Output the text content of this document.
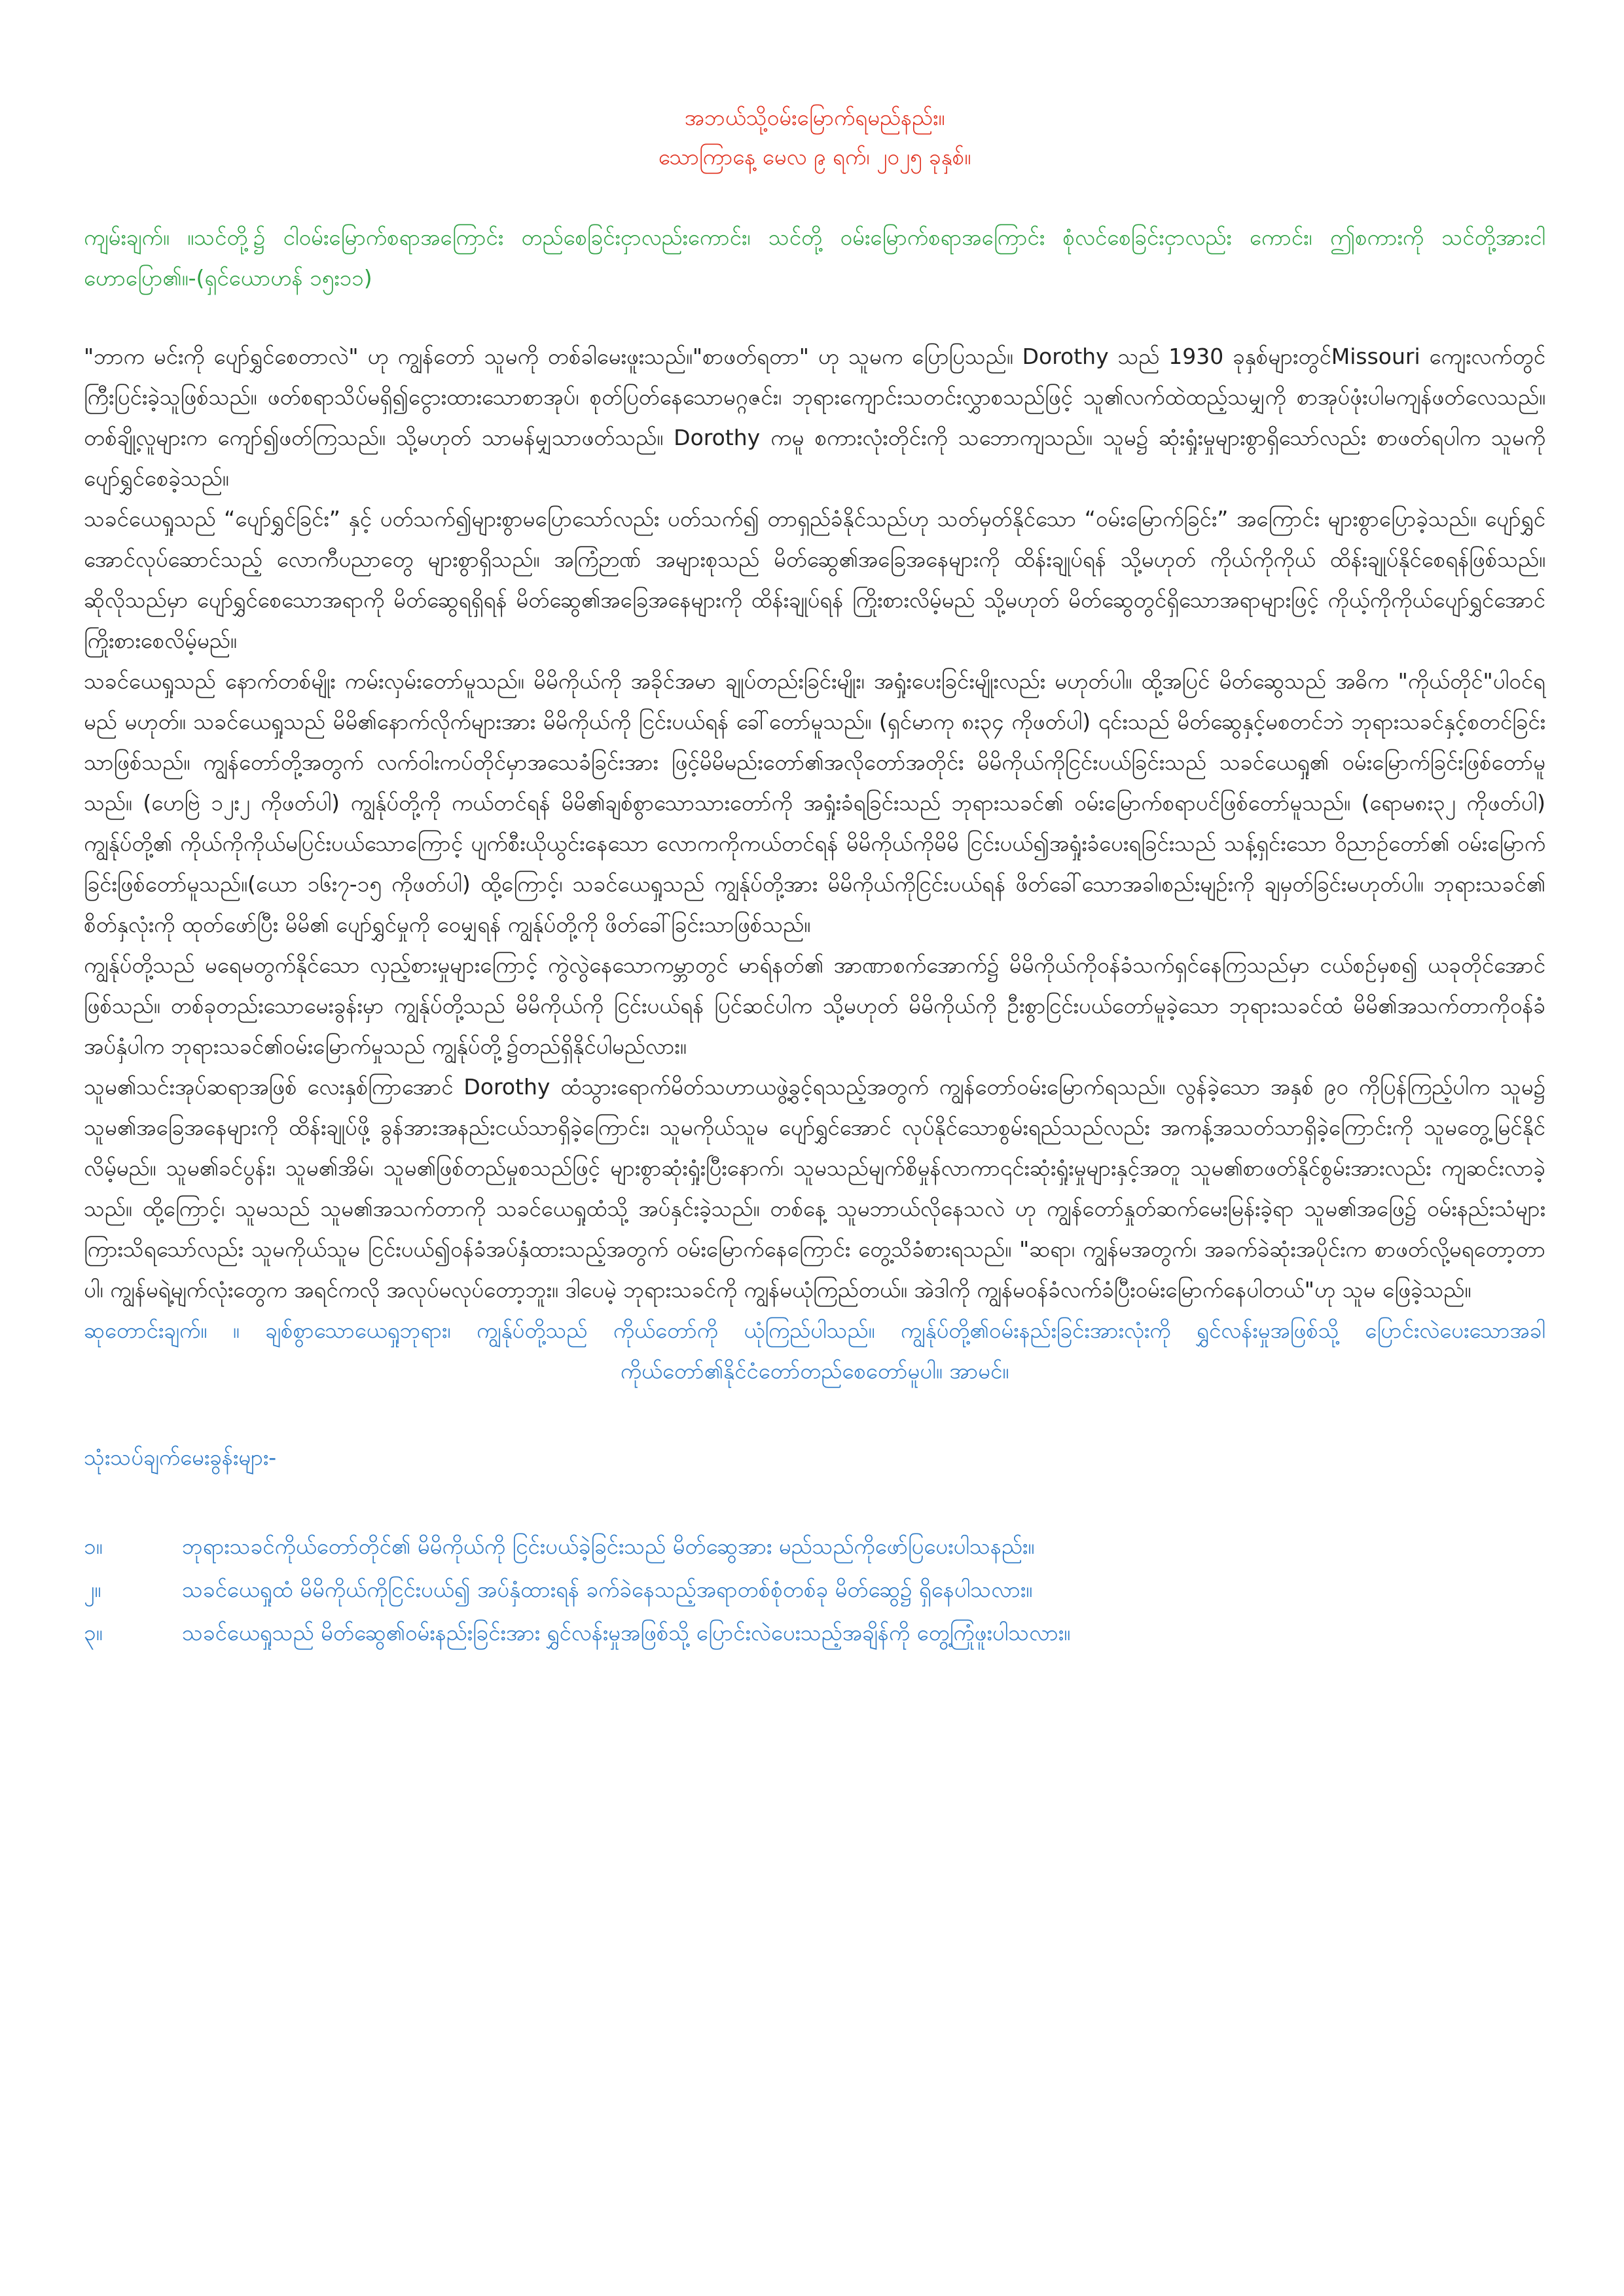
အဘယ်သို့ဝမ်းမြောက်ရမည်နည်း။
သောကြာနေ့ မေလ ၉ ရက်၊ ၂၀၂၅ ခုနှစ်။
ကျမ်းချက်။ ။သင်တို့၌ ငါဝမ်းမြောက်စရာအကြောင်း တည်စေခြင်းငှာလည်းကောင်း၊ သင်တို့ ဝမ်းမြောက်စရာအကြောင်း စုံလင်စေခြင်းငှာလည်း ကောင်း၊ ဤစကားကို သင်တို့အားငါဟောပြော၏။-(ရှင်ယောဟန် ၁၅း၁၁)

"ဘာက မင်းကို ပျော်ရွှင်စေတာလဲ" ဟု ကျွန်တော် သူမကို တစ်ခါမေးဖူးသည်။"စာဖတ်ရတာ" ဟု သူမက ပြောပြသည်။ Dorothy သည် 1930 ခုနှစ်များတွင်Missouri ကျေးလက်တွင် ကြီးပြင်းခဲ့သူဖြစ်သည်။ ဖတ်စရာသိပ်မရှိ၍ငွေားထားသောစာအုပ်၊ စုတ်ပြတ်နေသောမဂ္ဂဇင်း၊ ဘုရားကျောင်းသတင်းလွှာစသည်ဖြင့် သူ၏လက်ထဲထည့်သမျှကို စာအုပ်ဖုံးပါမကျန်ဖတ်လေသည်။ တစ်ချို့လူများက ကျော်၍ဖတ်ကြသည်။ သို့မဟုတ် သာမန်မျှသာဖတ်သည်။ Dorothy ကမူ စကားလုံးတိုင်းကို သဘောကျသည်။ သူမ၌ ဆုံးရှုံးမှုများစွာရှိသော်လည်း စာဖတ်ရပါက သူမကို ပျော်ရွှင်စေခဲ့သည်။

သခင်ယေရှုသည် “ပျော်ရွှင်ခြင်း” နှင့် ပတ်သက်၍များစွာမပြောသော်လည်း ပတ်သက်၍ တာရှည်ခံနိုင်သည်ဟု သတ်မှတ်နိုင်သော “ဝမ်းမြောက်ခြင်း” အကြောင်း များစွာပြောခဲ့သည်။ ပျော်ရွှင်အောင်လုပ်ဆောင်သည့် လောကီပညာတွေ များစွာရှိသည်။ အကြံဉာဏ် အများစုသည် မိတ်ဆွေ၏အခြေအနေများကို ထိန်းချုပ်ရန် သို့မဟုတ် ကိုယ်ကိုကိုယ် ထိန်းချုပ်နိုင်စေရန်ဖြစ်သည်။ ဆိုလိုသည်မှာ ပျော်ရွှင်စေသောအရာကို မိတ်ဆွေရရှိရန် မိတ်ဆွေ၏အခြေအနေများကို ထိန်းချုပ်ရန် ကြိုးစားလိမ့်မည် သို့မဟုတ် မိတ်ဆွေတွင်ရှိသောအရာများဖြင့် ကိုယ့်ကိုကိုယ်ပျော်ရွှင်အောင်ကြိုးစားစေလိမ့်မည်။

သခင်ယေရှုသည် နောက်တစ်မျိုး ကမ်းလှမ်းတော်မူသည်။ မိမိကိုယ်ကို အခိုင်အမာ ချုပ်တည်းခြင်းမျိုး၊ အရှုံးပေးခြင်းမျိုးလည်း မဟုတ်ပါ။ ထို့အပြင် မိတ်ဆွေသည် အဓိက "ကိုယ်တိုင်"ပါဝင်ရမည် မဟုတ်။ သခင်ယေရှုသည် မိမိ၏နောက်လိုက်များအား မိမိကိုယ်ကို ငြင်းပယ်ရန် ခေါ်တော်မူသည်။ (ရှင်မာကု ၈း၃၄ ကိုဖတ်ပါ) ၎င်းသည် မိတ်ဆွေနှင့်မစတင်ဘဲ ဘုရားသခင်နှင့်စတင်ခြင်းသာဖြစ်သည်။ ကျွန်တော်တို့အတွက် လက်ဝါးကပ်တိုင်မှာအသေခံခြင်းအား ဖြင့်မိမိမည်းတော်၏အလိုတော်အတိုင်း မိမိကိုယ်ကိုငြင်းပယ်ခြင်းသည် သခင်ယေရှု၏ ဝမ်းမြောက်ခြင်းဖြစ်တော်မူသည်။ (ဟေဗြဲ ၁၂း၂ ကိုဖတ်ပါ) ကျွန်ုပ်တို့ကို ကယ်တင်ရန် မိမိ၏ချစ်စွာသောသားတော်ကို အရှုံးခံရခြင်းသည် ဘုရားသခင်၏ ဝမ်းမြောက်စရာပင်ဖြစ်တော်မူသည်။ (ရောမ၈း၃၂ ကိုဖတ်ပါ) ကျွန်ုပ်တို့၏ ကိုယ်ကိုကိုယ်မပြင်းပယ်သောကြောင့် ပျက်စီးယိုယွင်းနေသော လောကကိုကယ်တင်ရန် မိမိကိုယ်ကိုမိမိ ငြင်းပယ်၍အရှုံးခံပေးရခြင်းသည် သန့်ရှင်းသော ဝိညာဉ်တော်၏ ဝမ်းမြောက်ခြင်းဖြစ်တော်မူသည်။(ယော ၁၆း၇-၁၅ ကိုဖတ်ပါ) ထို့ကြောင့်၊ သခင်ယေရှုသည် ကျွန်ုပ်တို့အား မိမိကိုယ်ကိုငြင်းပယ်ရန် ဖိတ်ခေါ်သောအခါ၊စည်းမျဉ်းကို ချမှတ်ခြင်းမဟုတ်ပါ။ ဘုရားသခင်၏ စိတ်နှလုံးကို ထုတ်ဖော်ပြီး မိမိ၏ ပျော်ရွှင်မှုကို ဝေမျှရန် ကျွန်ုပ်တို့ကို ဖိတ်ခေါ်ခြင်းသာဖြစ်သည်။

ကျွန်ုပ်တို့သည် မရေမတွက်နိုင်သော လှည့်စားမှုများကြောင့် ကွဲလွဲနေသောကမ္ဘာတွင် မာရ်နတ်၏ အာဏာစက်အောက်၌ မိမိကိုယ်ကိုဝန်ခံသက်ရှင်နေကြသည်မှာ ငယ်စဉ်မှစ၍ ယခုတိုင်အောင်ဖြစ်သည်။ တစ်ခုတည်းသောမေးခွန်းမှာ ကျွန်ုပ်တို့သည် မိမိကိုယ်ကို ငြင်းပယ်ရန် ပြင်ဆင်ပါက သို့မဟုတ် မိမိကိုယ်ကို ဦးစွာငြင်းပယ်တော်မူခဲ့သော ဘုရားသခင်ထံ မိမိ၏အသက်တာကိုဝန်ခံအပ်နှံပါက ဘုရားသခင်၏ဝမ်းမြောက်မှုသည် ကျွန်ုပ်တို့၌တည်ရှိနိုင်ပါမည်လား။

သူမ၏သင်းအုပ်ဆရာအဖြစ် လေးနှစ်ကြာအောင် Dorothy ထံသွားရောက်မိတ်သဟာယဖွဲ့ခွင့်ရသည့်အတွက် ကျွန်တော်ဝမ်းမြောက်ရသည်။ လွန်ခဲ့သော အနှစ် ၉၀ ကိုပြန်ကြည့်ပါက သူမ၌ သူမ၏အခြေအနေများကို ထိန်းချုပ်ဖို့ ခွန်အားအနည်းငယ်သာရှိခဲ့ကြောင်း၊ သူမကိုယ်သူမ ပျော်ရွှင်အောင် လုပ်နိုင်သောစွမ်းရည်သည်လည်း အကန့်အသတ်သာရှိခဲ့ကြောင်းကို သူမတွေ့မြင်နိုင်လိမ့်မည်။ သူမ၏ခင်ပွန်း၊ သူမ၏အိမ်၊ သူမ၏ဖြစ်တည်မှုစသည်ဖြင့် များစွာဆုံးရှုံးပြီးနောက်၊ သူမသည်မျက်စိမှုန်လာကာ၎င်းဆုံးရှုံးမှုများနှင့်အတူ သူမ၏စာဖတ်နိုင်စွမ်းအားလည်း ကျဆင်းလာခဲ့သည်။ ထို့ကြောင့်၊ သူမသည် သူမ၏အသက်တာကို သခင်ယေရှုထံသို့ အပ်နှင်းခဲ့သည်။ တစ်နေ့ သူမဘာယ်လိုနေသလဲ ဟု ကျွန်တော်နှုတ်ဆက်မေးမြန်းခဲ့ရာ သူမ၏အဖြေ၌ ဝမ်းနည်းသံများကြားသိရသော်လည်း သူမကိုယ်သူမ ငြင်းပယ်၍ဝန်ခံအပ်နှံထားသည့်အတွက် ဝမ်းမြောက်နေကြောင်း တွေ့သိခံစားရသည်။ "ဆရာ၊ ကျွန်မအတွက်၊ အခက်ခဲဆုံးအပိုင်းက စာဖတ်လို့မရတော့တာပါ၊ ကျွန်မရဲ့မျက်လုံးတွေက အရင်ကလို အလုပ်မလုပ်တော့ဘူး။ ဒါပေမဲ့ ဘုရားသခင်ကို ကျွန်မယုံကြည်တယ်။ အဲဒါကို ကျွန်မဝန်ခံလက်ခံပြီးဝမ်းမြောက်နေပါတယ်"ဟု သူမ ဖြေခဲ့သည်။

ဆုတောင်းချက်။ ။ ချစ်စွာသောယေရှုဘုရား၊ ကျွန်ုပ်တို့သည် ကိုယ်တော်ကို ယုံကြည်ပါသည်။ ကျွန်ုပ်တို့၏ဝမ်းနည်းခြင်းအားလုံးကို ရွှင်လန်းမှုအဖြစ်သို့ ပြောင်းလဲပေးသောအခါ ကိုယ်တော်၏နိုင်ငံတော်တည်စေတော်မူပါ။ အာမင်။
သုံးသပ်ချက်မေးခွန်းများ-
၁။	ဘုရားသခင်ကိုယ်တော်တိုင်၏ မိမိကိုယ်ကို ငြင်းပယ်ခဲ့ခြင်းသည် မိတ်ဆွေအား မည်သည်ကိုဖော်ပြပေးပါသနည်း။
၂။	သခင်ယေရှုထံ မိမိကိုယ်ကိုငြင်းပယ်၍ အပ်နှံထားရန် ခက်ခဲနေသည့်အရာတစ်စုံတစ်ခု မိတ်ဆွေ၌ ရှိနေပါသလား။
၃။	သခင်ယေရှုသည် မိတ်ဆွေ၏ဝမ်းနည်းခြင်းအား ရွှင်လန်းမှုအဖြစ်သို့ ပြောင်းလဲပေးသည့်အချိန်ကို တွေ့ကြုံဖူးပါသလား။
